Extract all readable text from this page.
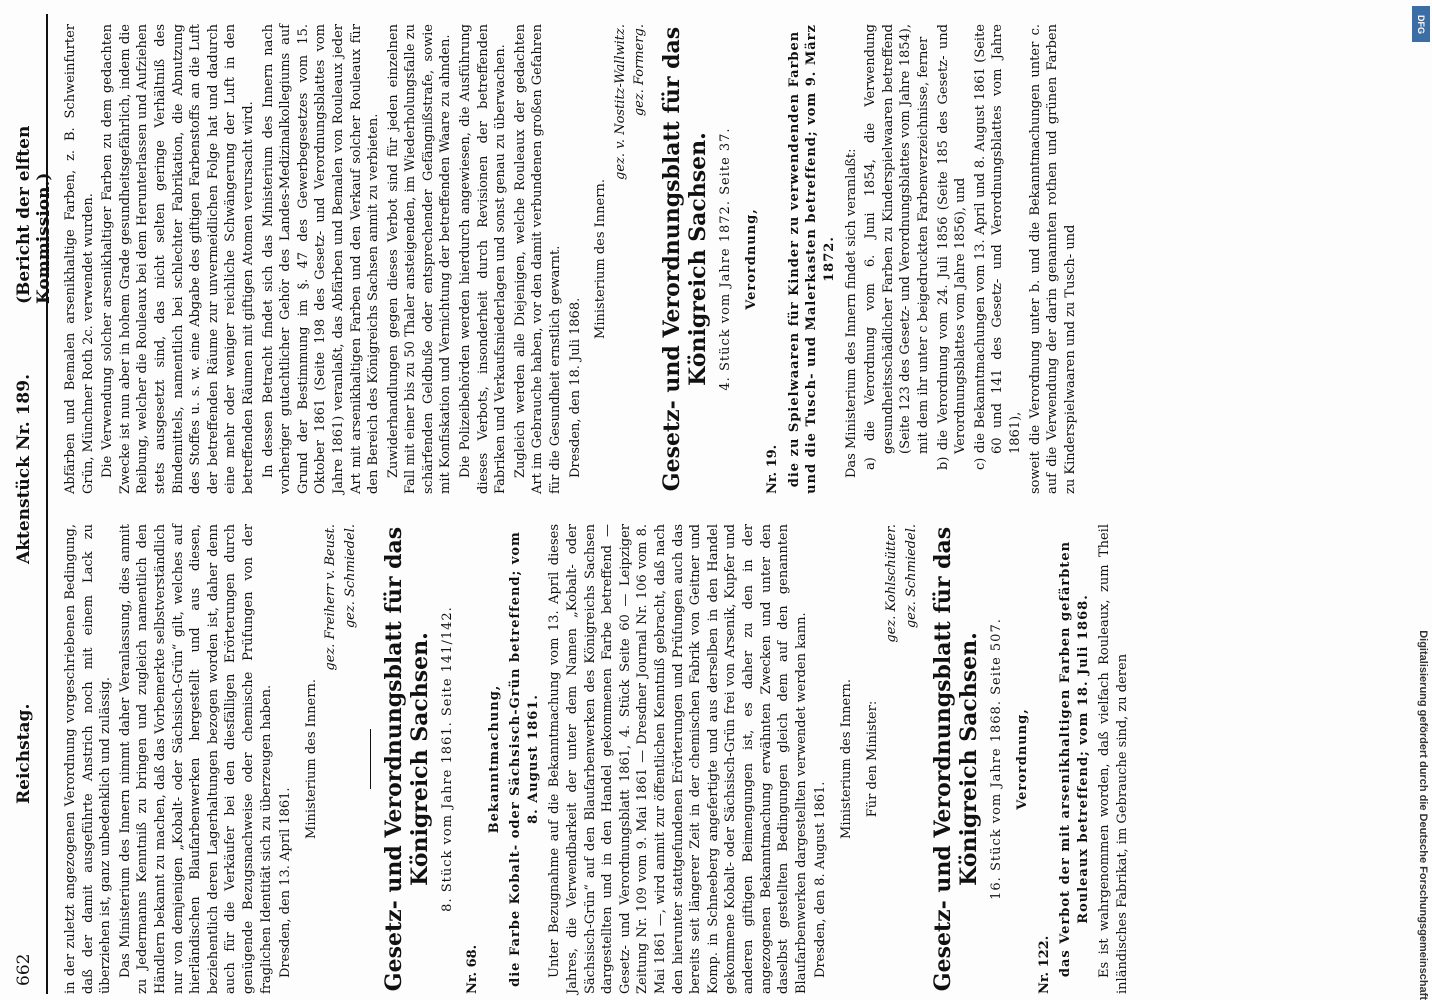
662
Reichstag.
Aktenstück Nr. 189.
(Bericht der elften Kommission.)

in der zuletzt angezogenen Verordnung vorgeschriebenen Bedingung, daß der damit ausgeführte Anstrich noch mit einem Lack zu überziehen ist, ganz unbedenklich und zulässig. Das Ministerium des Innern nimmt daher Veranlassung, dies anmit zu Jedermanns Kenntniß zu bringen und zugleich namentlich den Händlern bekannt zu machen, daß das Vorbemerkte selbstverständlich nur von demjenigen „Kobalt- oder Sächsisch-Grün“ gilt, welches auf hierländischen Blaufarbenwerken hergestellt und aus diesen, beziehentlich deren Lagerhaltungen bezogen worden ist, daher denn auch für die Verkäufer bei den diesfälligen Erörterungen durch genügende Bezugsnachweise oder chemische Prüfungen von der fraglichen Identität sich zu überzeugen haben. Dresden, den 13. April 1861.

Ministerium des Innern.
gez. Freiherr v. Beust. gez. Schmiedel. Gesetz- und Verordnungsblatt für das Königreich Sachsen. 8. Stück vom Jahre 1861. Seite 141/142.
Nr. 68.
Bekanntmachung, die Farbe Kobalt- oder Sächsisch-Grün betreffend; vom 8. August 1861. Unter Bezugnahme auf die Bekanntmachung vom 13. April dieses Jahres, die Verwendbarkeit der unter dem Namen „Kobalt- oder Sächsisch-Grün“ auf den Blaufarbenwerken des Königreichs Sachsen dargestellten und in den Handel gekommenen Farbe betreffend — Gesetz- und Verordnungsblatt 1861, 4. Stück Seite 60 — Leipziger Zeitung Nr. 109 vom 9. Mai 1861 — Dresdner Journal Nr. 106 vom 8. Mai 1861 —, wird anmit zur öffentlichen Kenntniß gebracht, daß nach den hierunter stattgefundenen Erörterungen und Prüfungen auch das bereits seit längerer Zeit in der chemischen Fabrik von Geitner und Komp. in Schneeberg angefertigte und aus derselben in den Handel gekommene Kobalt- oder Sächsisch-Grün frei von Arsenik, Kupfer und anderen giftigen Beimengungen ist, es daher zu den in der angezogenen Bekanntmachung erwähnten Zwecken und unter den daselbst gestellten Bedingungen gleich dem auf den genannten Blaufarbenwerken dargestellten verwendet werden kann. Dresden, den 8. August 1861.

Ministerium des Innern. Für den Minister:
gez. Kohlschütter. gez. Schmiedel. Gesetz- und Verordnungsblatt für das Königreich Sachsen. 16. Stück vom Jahre 1868. Seite 507. Verordnung,
Nr. 122. das Verbot der mit arsenikhaltigen Farben gefärbten Rouleaux betreffend; vom 18. Juli 1868. Es ist wahrgenommen worden, daß vielfach Rouleaux, zum Theil inländisches Fabrikat, im Gebrauche sind, zu deren

Abfärben und Bemalen arsenikhaltige Farben, z. B. Schweinfurter Grün, Münchner Roth 2c. verwendet wurden. Die Verwendung solcher arsenikhaltiger Farben zu dem gedachten Zwecke ist nun aber in hohem Grade gesundheitsgefährlich, indem die Reibung, welcher die Rouleaux bei dem Herunterlassen und Aufziehen stets ausgesetzt sind, das nicht selten geringe Verhältniß des Bindemittels, namentlich bei schlechter Fabrikation, die Abnutzung des Stoffes u. s. w. eine Abgabe des giftigen Farbenstoffs an die Luft der betreffenden Räume zur unvermeidlichen Folge hat und dadurch eine mehr oder weniger reichliche Schwängerung der Luft in den betreffenden Räumen mit giftigen Atomen verursacht wird. In dessen Betracht findet sich das Ministerium des Innern nach vorheriger gutachtlicher Gehör des Landes-Medizinalkollegiums auf Grund der Bestimmung im §. 47 des Gewerbegesetzes vom 15. Oktober 1861 (Seite 198 des Gesetz- und Verordnungsblattes vom Jahre 1861) veranlaßt, das Abfärben und Bemalen von Rouleaux jeder Art mit arsenikhaltigen Farben und den Verkauf solcher Rouleaux für den Bereich des Königreichs Sachsen anmit zu verbieten. Zuwiderhandlungen gegen dieses Verbot sind für jeden einzelnen Fall mit einer bis zu 50 Thaler ansteigenden, im Wiederholungsfalle zu schärfenden Geldbuße oder entsprechender Gefängnißstrafe, sowie mit Konfiskation und Vernichtung der betreffenden Waare zu ahnden. Die Polizeibehörden werden hierdurch angewiesen, die Ausführung dieses Verbots, insonderheit durch Revisionen der betreffenden Fabriken und Verkaufsniederlagen und sonst genau zu überwachen. Zugleich werden alle Diejenigen, welche Rouleaux der gedachten Art im Gebrauche haben, vor den damit verbundenen großen Gefahren für die Gesundheit ernstlich gewarnt. Dresden, den 18. Juli 1868.

Ministerium des Innern.
gez. v. Nostitz-Wallwitz. gez. Formerg. Gesetz- und Verordnungsblatt für das Königreich Sachsen. 4. Stück vom Jahre 1872. Seite 37. Verordnung,
Nr. 19. die zu Spielwaaren für Kinder zu verwendenden Farben und die Tusch- und Malerkasten betreffend; vom 9. März 1872. Das Ministerium des Innern findet sich veranlaßt: a) die Verordnung vom 6. Juni 1854, die Verwendung gesundheitsschädlicher Farben zu Kinderspielwaaren betreffend (Seite 123 des Gesetz- und Verordnungsblattes vom Jahre 1854), mit dem ihr unter c beigedruckten Farbenverzeichnisse, ferner b) die Verordnung vom 24. Juli 1856 (Seite 185 des Gesetz- und Verordnungsblattes vom Jahre 1856), und c) die Bekanntmachungen vom 13. April und 8. August 1861 (Seite 60 und 141 des Gesetz- und Verordnungsblattes vom Jahre 1861), soweit die Verordnung unter b. und die Bekanntmachungen unter c. auf die Verwendung der darin genannten rothen und grünen Farben zu Kinderspielwaaren und zu Tusch- und

Digitalisierung gefördert durch die Deutsche Forschungsgemeinschaft
DFG
